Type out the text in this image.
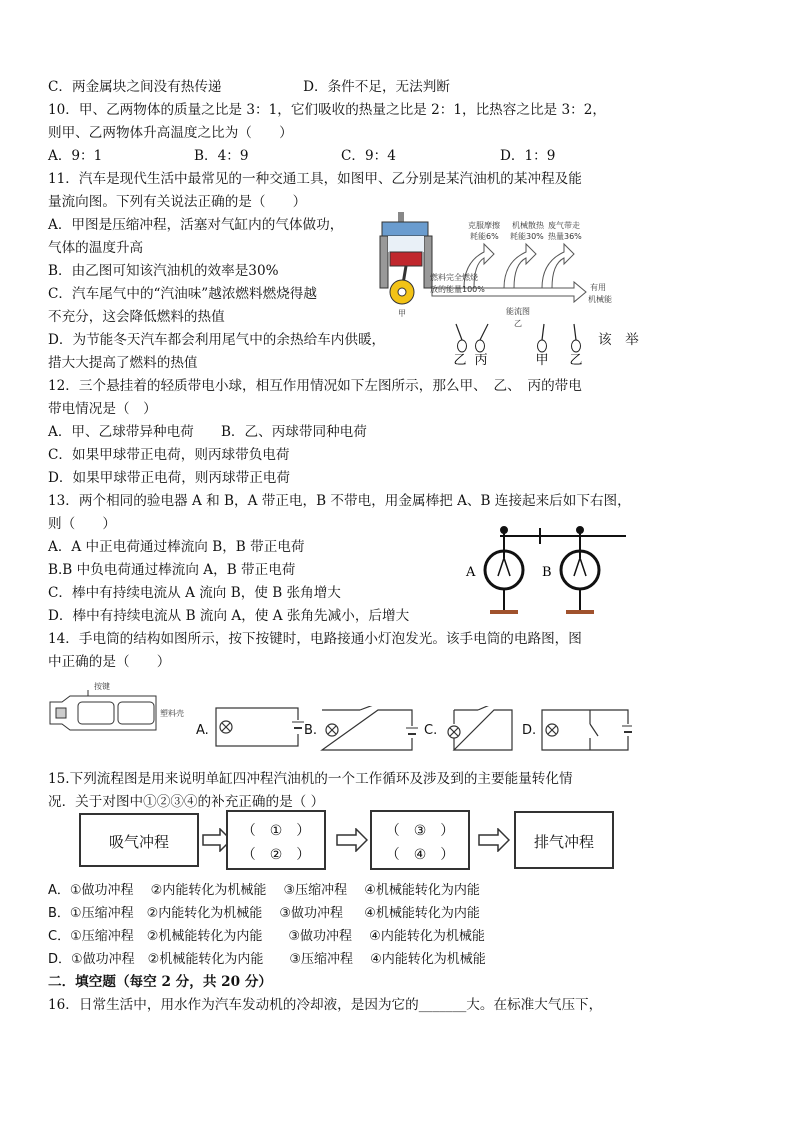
C．两金属块之间没有热传递　　　　　　D．条件不足，无法判断
10．甲、乙两物体的质量之比是 3：1，它们吸收的热量之比是 2：1，比热容之比是 3：2，
则甲、乙两物体升高温度之比为（　　）
A．9：1	B．4：9	C．9：4	D．1：9
11．汽车是现代生活中最常见的一种交通工具，如图甲、乙分别是某汽油机的某冲程及能
量流向图。下列有关说法正确的是（　　）
A．甲图是压缩冲程，活塞对气缸内的气体做功，
气体的温度升高
B．由乙图可知该汽油机的效率是30%
C．汽车尾气中的“汽油味”越浓燃料燃烧得越
不充分，这会降低燃料的热值
D．为节能冬天汽车都会利用尾气中的余热给车内供暖，	该　举
措大大提高了燃料的热值
12．三个悬挂着的轻质带电小球，相互作用情况如下左图所示，那么甲、　乙、　丙的带电
带电情况是（　）
A．甲、乙球带异种电荷　　B．乙、丙球带同种电荷
C．如果甲球带正电荷，则丙球带负电荷
D．如果甲球带正电荷，则丙球带正电荷
13．两个相同的验电器 A 和 B，A 带正电，B 不带电，用金属棒把 A、B 连接起来后如下右图，
则（　　）
A．A 中正电荷通过棒流向 B，B 带正电荷
B.B 中负电荷通过棒流向 A，B 带正电荷
C．棒中有持续电流从 A 流向 B，使 B 张角增大
D．棒中有持续电流从 B 流向 A，使 A 张角先减小，后增大
14．手电筒的结构如图所示，按下按键时，电路接通小灯泡发光。该手电筒的电路图，图
中正确的是（　　）
15.下列流程图是用来说明单缸四冲程汽油机的一个工作循环及涉及到的主要能量转化情
况．关于对图中①②③④的补充正确的是（ ）
A．①做功冲程　 ②内能转化为机械能　 ③压缩冲程　 ④机械能转化为内能
B．①压缩冲程　②内能转化为机械能　 ③做功冲程　  ④机械能转化为内能
C．①压缩冲程　②机械能转化为内能　　③做功冲程　 ④内能转化为机械能
D．①做功冲程　②机械能转化为内能　　③压缩冲程　 ④内能转化为机械能
二．填空题（每空 2 分，共 20 分）
16．日常生活中，用水作为汽车发动机的冷却液，是因为它的_______大。在标准大气压下，
甲
克服摩擦
耗能6%
机械散热
耗能30%
废气带走
热量36%
燃料完全燃烧
放的能量100%	有用
机械能
能流图
乙
乙 丙	甲 乙
A	B
按键
塑料壳
A.	B.	C.	D.
吸气冲程
（　①　）
（　②　）
（　③　）
（　④　）
排气冲程
